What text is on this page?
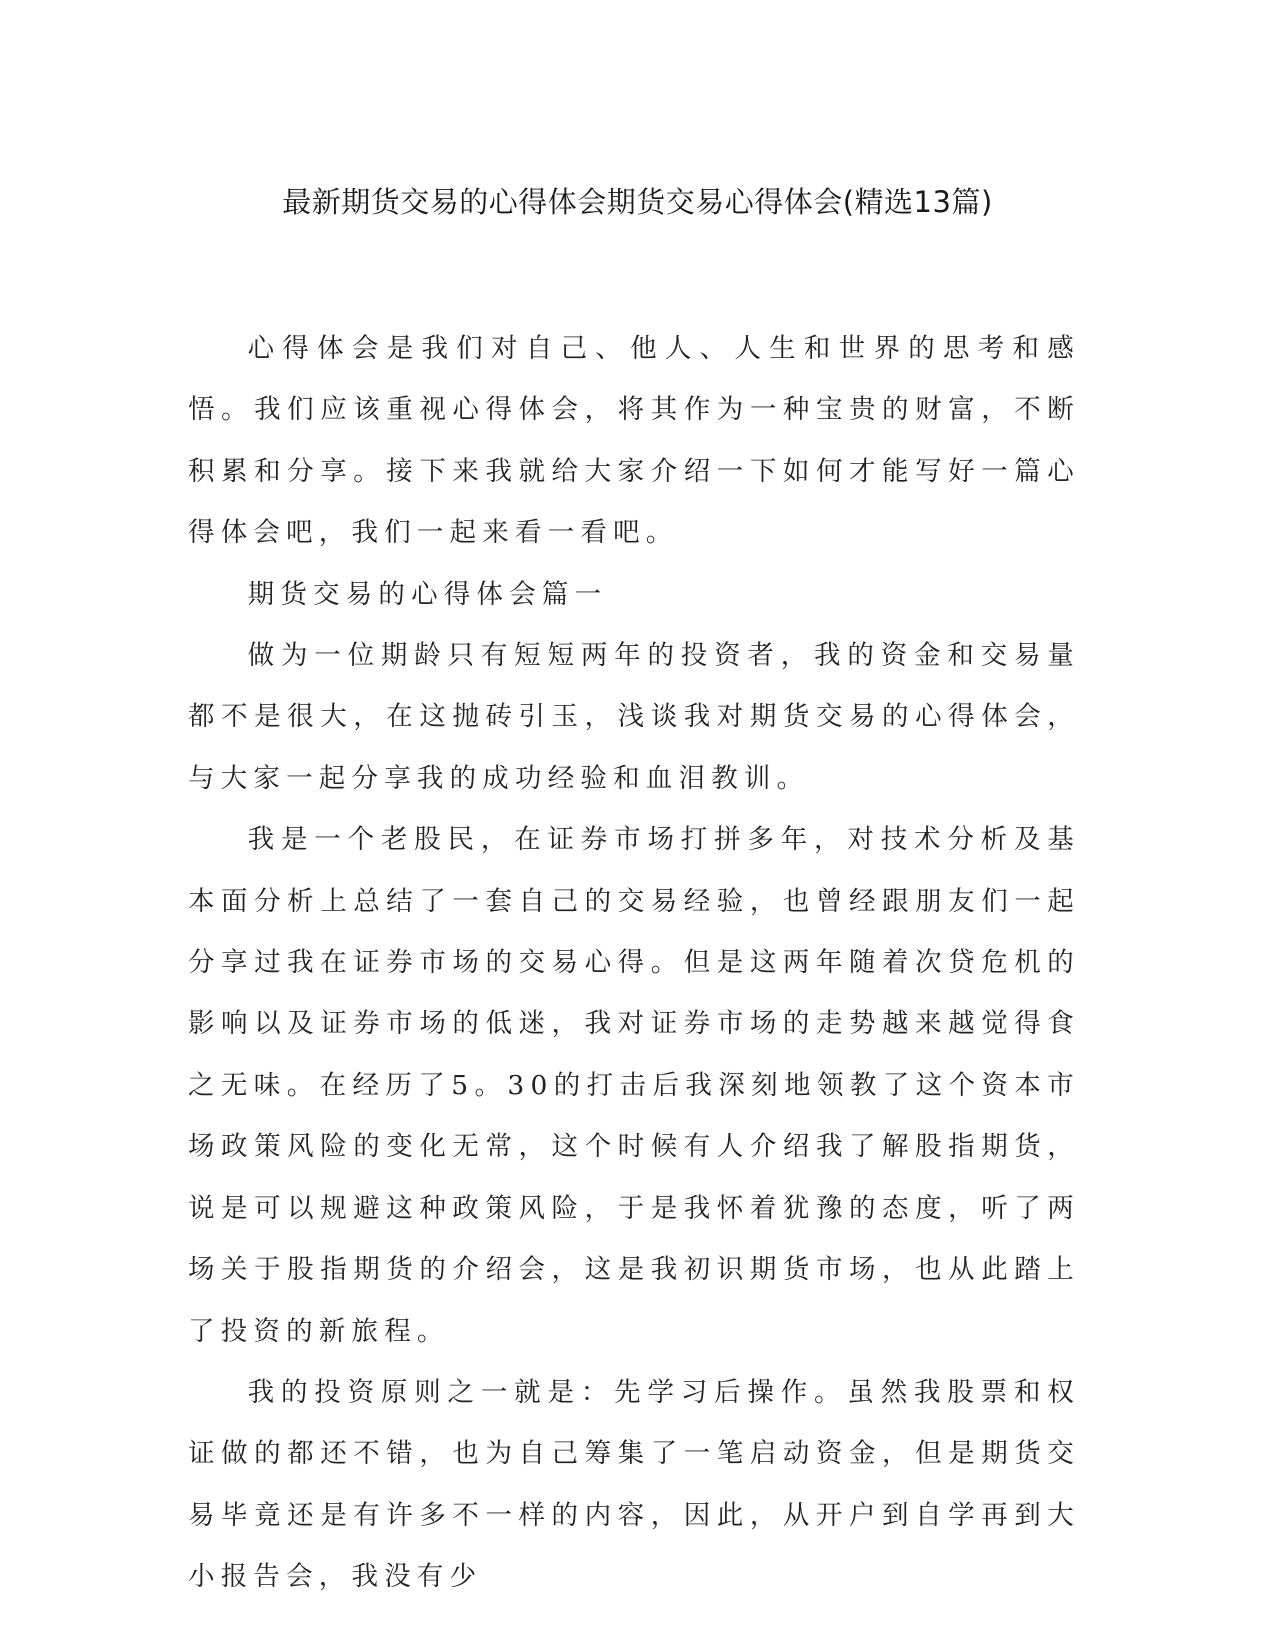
最新期货交易的心得体会期货交易心得体会(精选13篇)

心得体会是我们对自己、他人、人生和世界的思考和感悟。我们应该重视心得体会，将其作为一种宝贵的财富，不断积累和分享。接下来我就给大家介绍一下如何才能写好一篇心得体会吧，我们一起来看一看吧。

期货交易的心得体会篇一

做为一位期龄只有短短两年的投资者，我的资金和交易量都不是很大，在这抛砖引玉，浅谈我对期货交易的心得体会，与大家一起分享我的成功经验和血泪教训。

我是一个老股民，在证券市场打拼多年，对技术分析及基本面分析上总结了一套自己的交易经验，也曾经跟朋友们一起分享过我在证券市场的交易心得。但是这两年随着次贷危机的影响以及证券市场的低迷，我对证券市场的走势越来越觉得食之无味。在经历了5。30的打击后我深刻地领教了这个资本市场政策风险的变化无常，这个时候有人介绍我了解股指期货，说是可以规避这种政策风险，于是我怀着犹豫的态度，听了两场关于股指期货的介绍会，这是我初识期货市场，也从此踏上了投资的新旅程。

我的投资原则之一就是：先学习后操作。虽然我股票和权证做的都还不错，也为自己筹集了一笔启动资金，但是期货交易毕竟还是有许多不一样的内容，因此，从开户到自学再到大小报告会，我没有少
